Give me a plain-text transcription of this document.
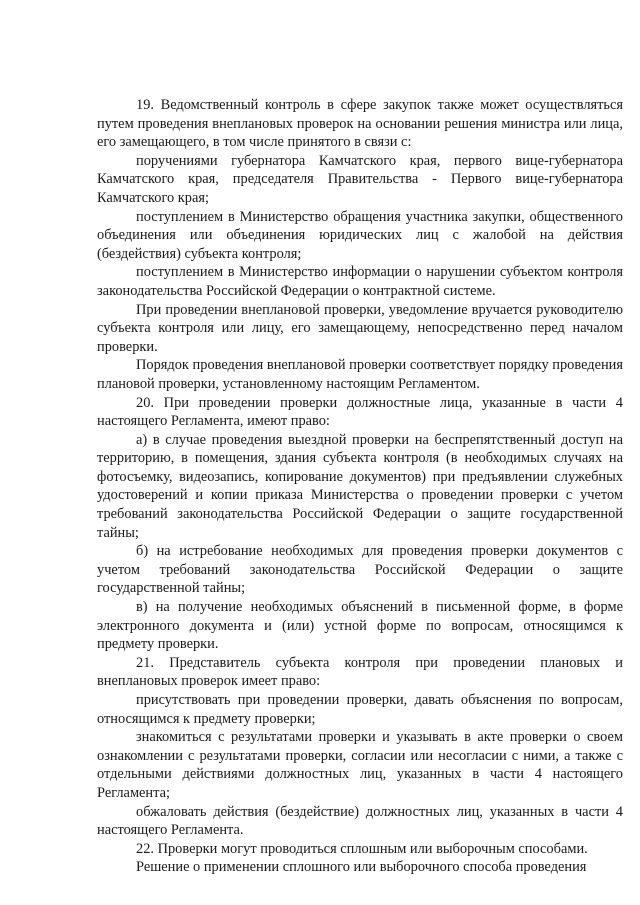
19. Ведомственный контроль в сфере закупок также может осуществляться путем проведения внеплановых проверок на основании решения министра или лица, его замещающего, в том числе принятого в связи с:

поручениями губернатора Камчатского края, первого вице-губернатора Камчатского края, председателя Правительства - Первого вице-губернатора Камчатского края;

поступлением в Министерство обращения участника закупки, общественного объединения или объединения юридических лиц с жалобой на действия (бездействия) субъекта контроля;

поступлением в Министерство информации о нарушении субъектом контроля законодательства Российской Федерации о контрактной системе.

При проведении внеплановой проверки, уведомление вручается руководителю субъекта контроля или лицу, его замещающему, непосредственно перед началом проверки.

Порядок проведения внеплановой проверки соответствует порядку проведения плановой проверки, установленному настоящим Регламентом.

20. При проведении проверки должностные лица, указанные в части 4 настоящего Регламента, имеют право:

а) в случае проведения выездной проверки на беспрепятственный доступ на территорию, в помещения, здания субъекта контроля (в необходимых случаях на фотосъемку, видеозапись, копирование документов) при предъявлении служебных удостоверений и копии приказа Министерства о проведении проверки с учетом требований законодательства Российской Федерации о защите государственной тайны;

б) на истребование необходимых для проведения проверки документов с учетом требований законодательства Российской Федерации о защите государственной тайны;

в) на получение необходимых объяснений в письменной форме, в форме электронного документа и (или) устной форме по вопросам, относящимся к предмету проверки.

21. Представитель субъекта контроля при проведении плановых и внеплановых проверок имеет право:

присутствовать при проведении проверки, давать объяснения по вопросам, относящимся к предмету проверки;

знакомиться с результатами проверки и указывать в акте проверки о своем ознакомлении с результатами проверки, согласии или несогласии с ними, а также с отдельными действиями должностных лиц, указанных в части 4 настоящего Регламента;

обжаловать действия (бездействие) должностных лиц, указанных в части 4 настоящего Регламента.

22. Проверки могут проводиться сплошным или выборочным способами.

Решение о применении сплошного или выборочного способа проведения
